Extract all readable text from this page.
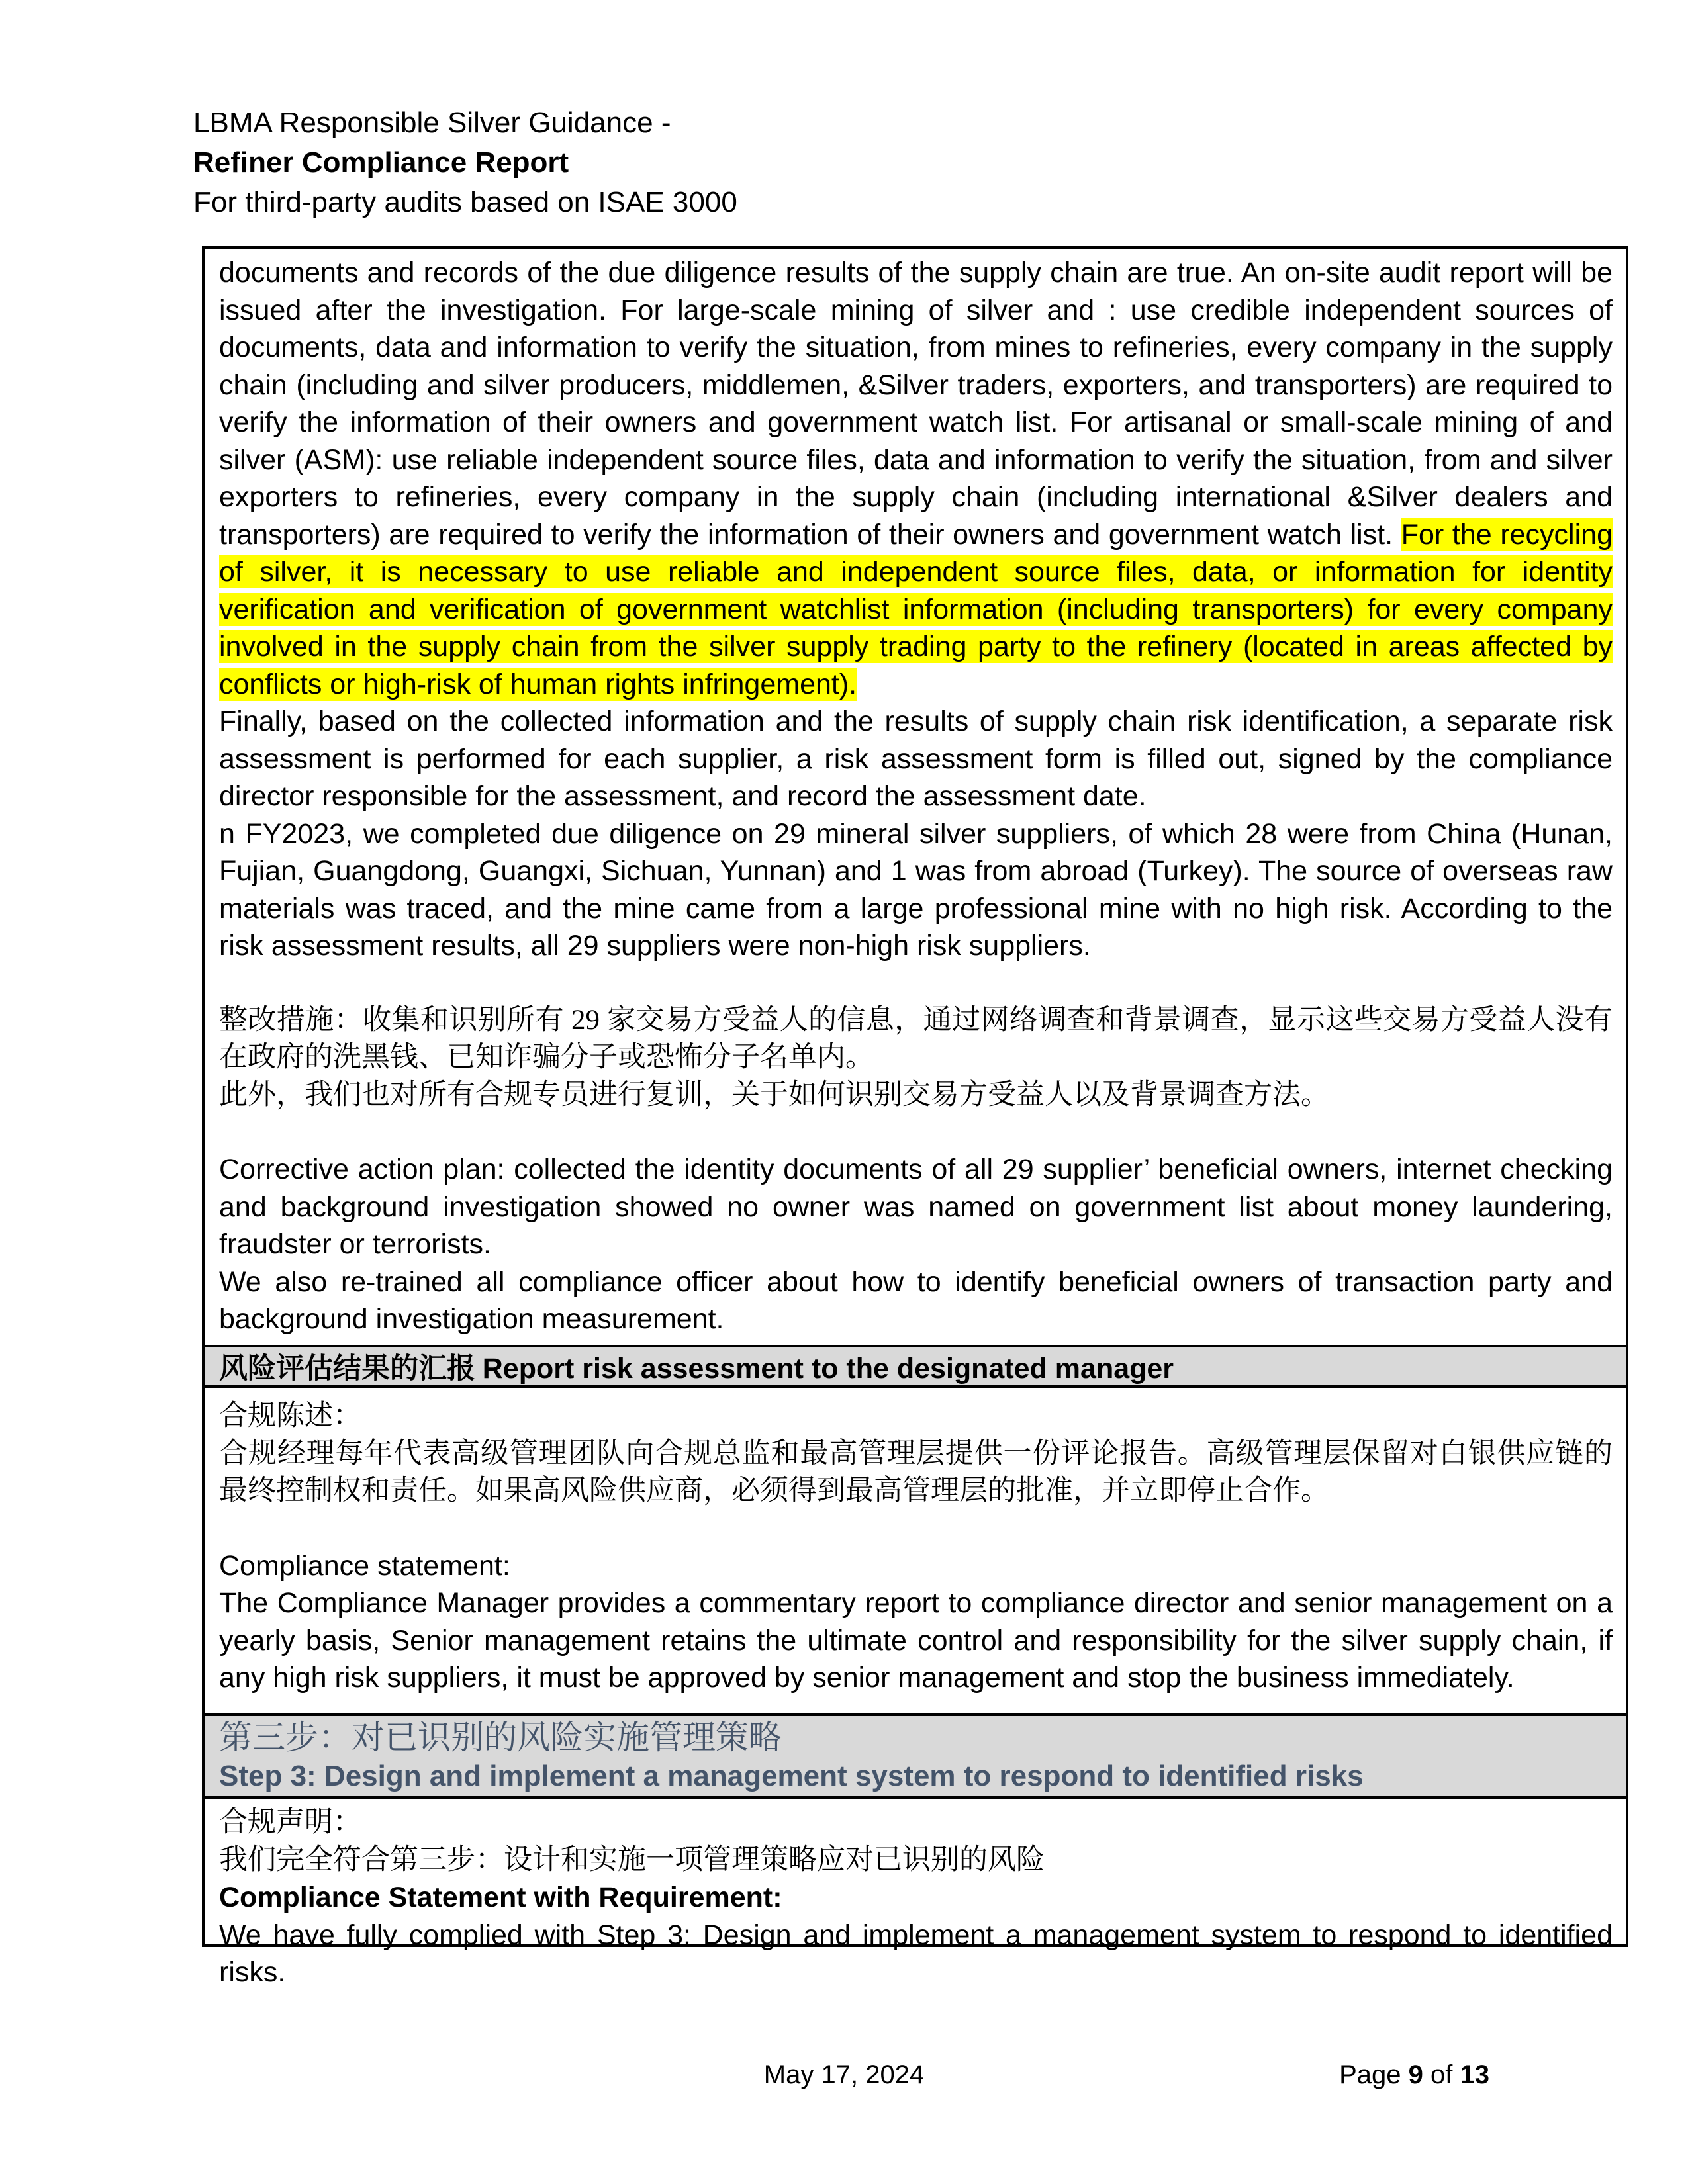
LBMA Responsible Silver Guidance -
Refiner Compliance Report
For third-party audits based on ISAE 3000

documents and records of the due diligence results of the supply chain are true. An on-site audit report will be issued after the investigation. For large-scale mining of silver and : use credible independent sources of documents, data and information to verify the situation, from mines to refineries, every company in the supply chain (including and silver producers, middlemen, &Silver traders, exporters, and transporters) are required to verify the information of their owners and government watch list. For artisanal or small-scale mining of and silver (ASM): use reliable independent source files, data and information to verify the situation, from and silver exporters to refineries, every company in the supply chain (including international &Silver dealers and transporters) are required to verify the information of their owners and government watch list. For the recycling of silver, it is necessary to use reliable and independent source files, data, or information for identity verification and verification of government watchlist information (including transporters) for every company involved in the supply chain from the silver supply trading party to the refinery (located in areas affected by conflicts or high-risk of human rights infringement).

Finally, based on the collected information and the results of supply chain risk identification, a separate risk assessment is performed for each supplier, a risk assessment form is filled out, signed by the compliance director responsible for the assessment, and record the assessment date.

n FY2023, we completed due diligence on 29 mineral silver suppliers, of which 28 were from China (Hunan, Fujian, Guangdong, Guangxi, Sichuan, Yunnan) and 1 was from abroad (Turkey). The source of overseas raw materials was traced, and the mine came from a large professional mine with no high risk. According to the risk assessment results, all 29 suppliers were non-high risk suppliers.

整改措施：收集和识别所有 29 家交易方受益人的信息，通过网络调查和背景调查，显示这些交易方受益人没有在政府的洗黑钱、已知诈骗分子或恐怖分子名单内。

此外，我们也对所有合规专员进行复训，关于如何识别交易方受益人以及背景调查方法。

Corrective action plan: collected the identity documents of all 29 supplier’ beneficial owners, internet checking and background investigation showed no owner was named on government list about money laundering, fraudster or terrorists.

We also re-trained all compliance officer about how to identify beneficial owners of transaction party and background investigation measurement.

风险评估结果的汇报 Report risk assessment to the designated manager

合规陈述：

合规经理每年代表高级管理团队向合规总监和最高管理层提供一份评论报告。高级管理层保留对白银供应链的最终控制权和责任。如果高风险供应商，必须得到最高管理层的批准，并立即停止合作。

Compliance statement:

The Compliance Manager provides a commentary report to compliance director and senior management on a yearly basis, Senior management retains the ultimate control and responsibility for the silver supply chain, if any high risk suppliers, it must be approved by senior management and stop the business immediately.

第三步：对已识别的风险实施管理策略
Step 3: Design and implement a management system to respond to identified risks

合规声明：

我们完全符合第三步：设计和实施一项管理策略应对已识别的风险

Compliance Statement with Requirement:

We have fully complied with Step 3: Design and implement a management system to respond to identified risks.

May 17, 2024	Page 9 of 13
